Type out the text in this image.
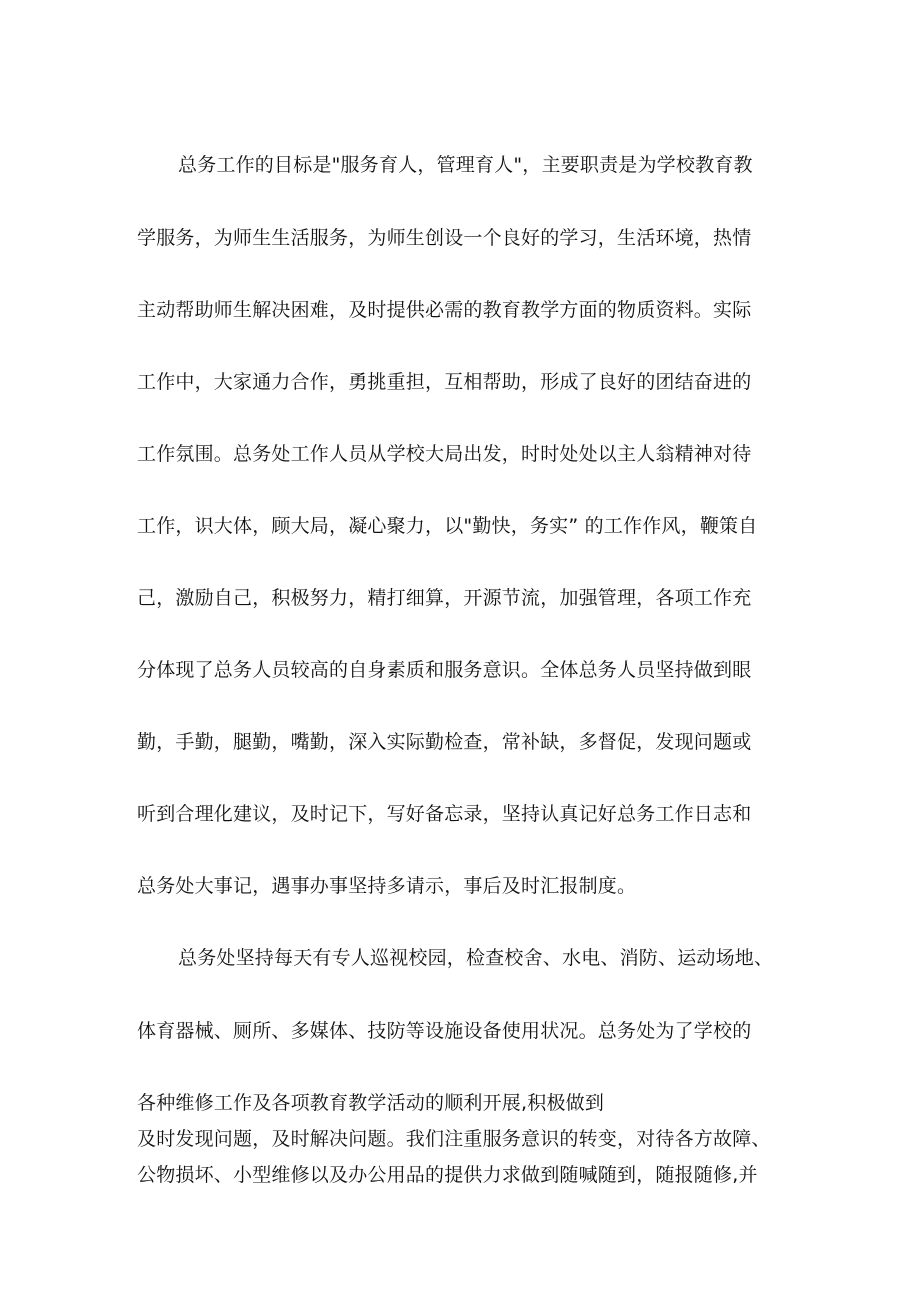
总务工作的目标是"服务育人，管理育人"，主要职责是为学校教育教
学服务，为师生生活服务，为师生创设一个良好的学习，生活环境，热情
主动帮助师生解决困难，及时提供必需的教育教学方面的物质资料。实际
工作中，大家通力合作，勇挑重担，互相帮助，形成了良好的团结奋进的
工作氛围。总务处工作人员从学校大局出发，时时处处以主人翁精神对待
工作，识大体，顾大局，凝心聚力，以"勤快，务实” 的工作作风，鞭策自
己，激励自己，积极努力，精打细算，开源节流，加强管理，各项工作充
分体现了总务人员较高的自身素质和服务意识。全体总务人员坚持做到眼
勤，手勤，腿勤，嘴勤，深入实际勤检查，常补缺，多督促，发现问题或
听到合理化建议，及时记下，写好备忘录，坚持认真记好总务工作日志和
总务处大事记，遇事办事坚持多请示，事后及时汇报制度。
总务处坚持每天有专人巡视校园，检查校舍、水电、消防、运动场地、
体育器械、厕所、多媒体、技防等设施设备使用状况。总务处为了学校的
各种维修工作及各项教育教学活动的顺利开展,积极做到
及时发现问题，及时解决问题。我们注重服务意识的转变，对待各方故障、
公物损坏、小型维修以及办公用品的提供力求做到随喊随到，随报随修,并
